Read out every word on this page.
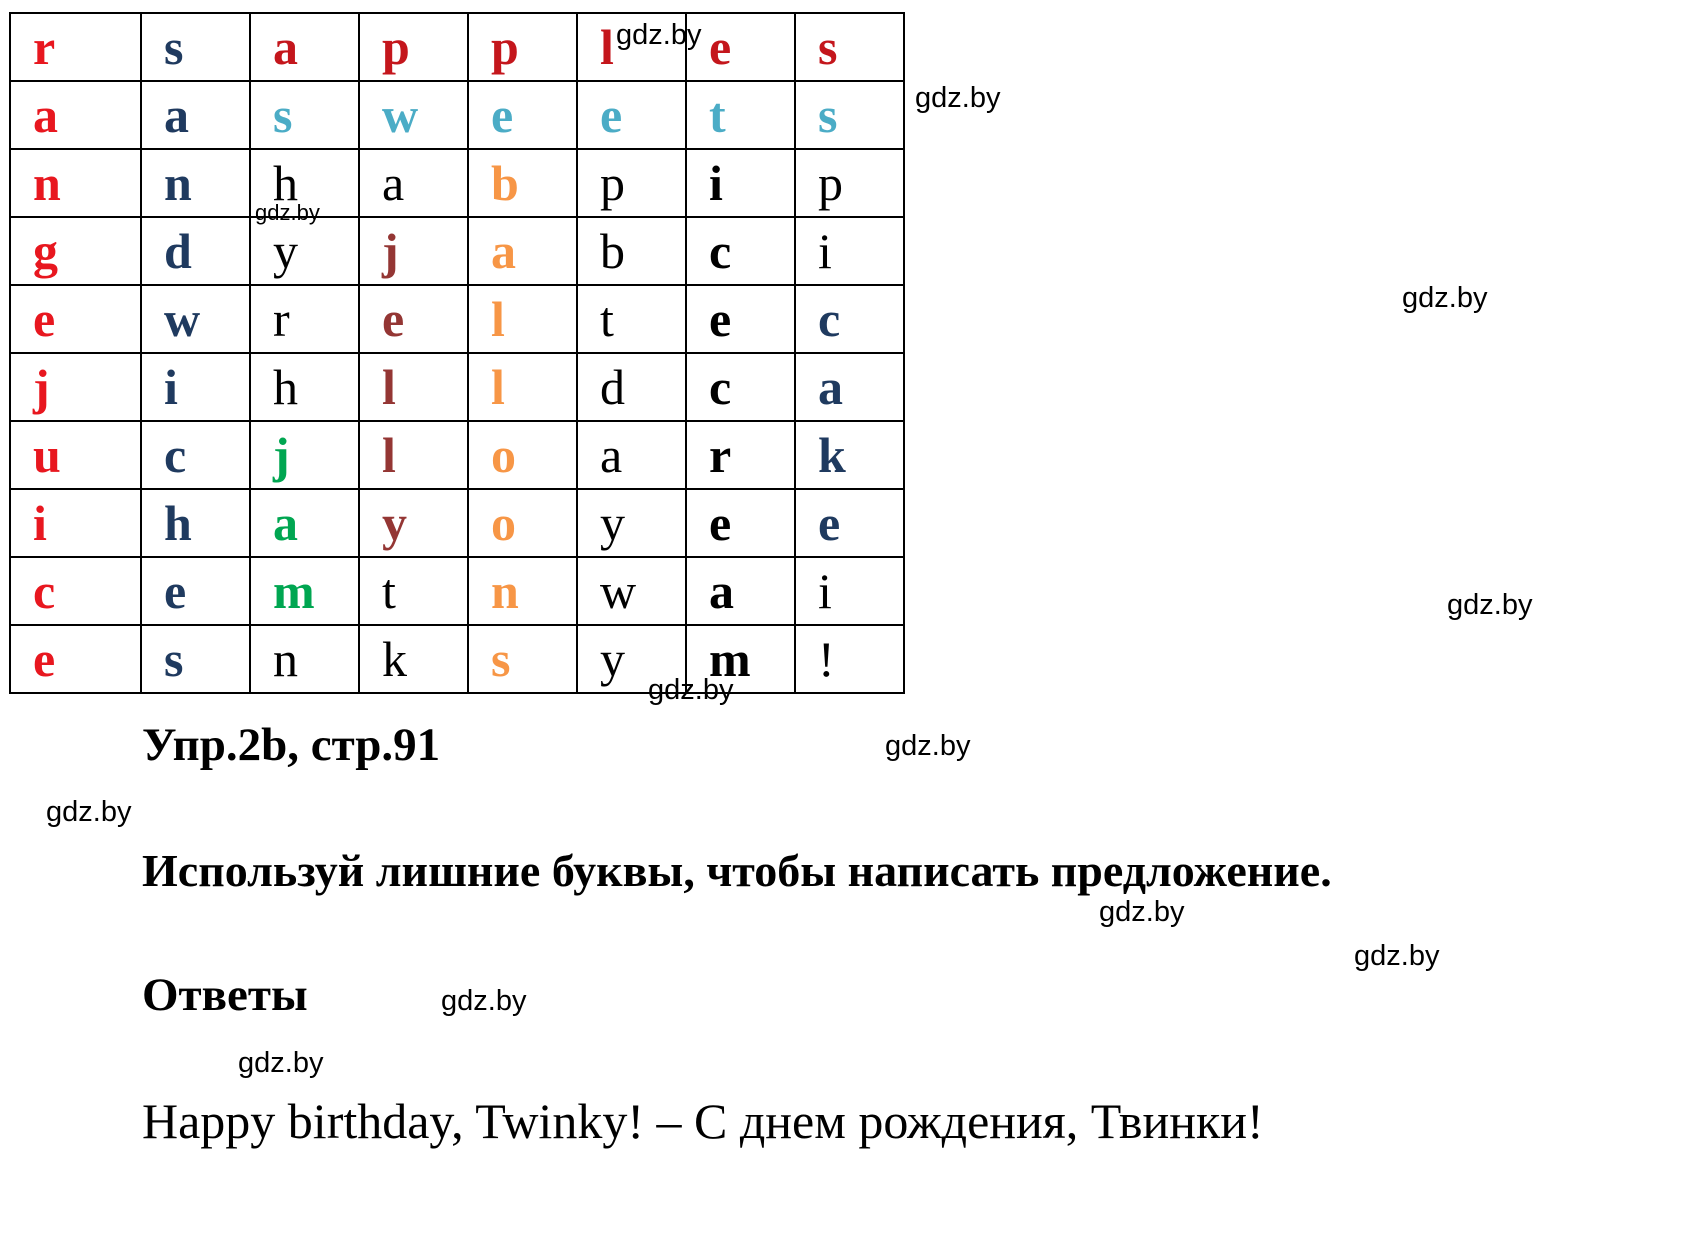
r	s	a	p	p	l	e	s
a	a	s	w	e	e	t	s
n	n	h	a	b	p	i	p
g	d	y	j	a	b	c	i
e	w	r	e	l	t	e	c
j	i	h	l	l	d	c	a
u	c	j	l	o	a	r	k
i	h	a	y	o	y	e	e
c	e	m	t	n	w	a	i
e	s	n	k	s	y	m	!
Упр.2b, стр.91
Используй лишние буквы, чтобы написать предложение.
Ответы
Happy birthday, Twinky! – С днем рождения, Твинки!
gdz.by
gdz.by
gdz.by
gdz.by
gdz.by
gdz.by
gdz.by
gdz.by
gdz.by
gdz.by
gdz.by
gdz.by
